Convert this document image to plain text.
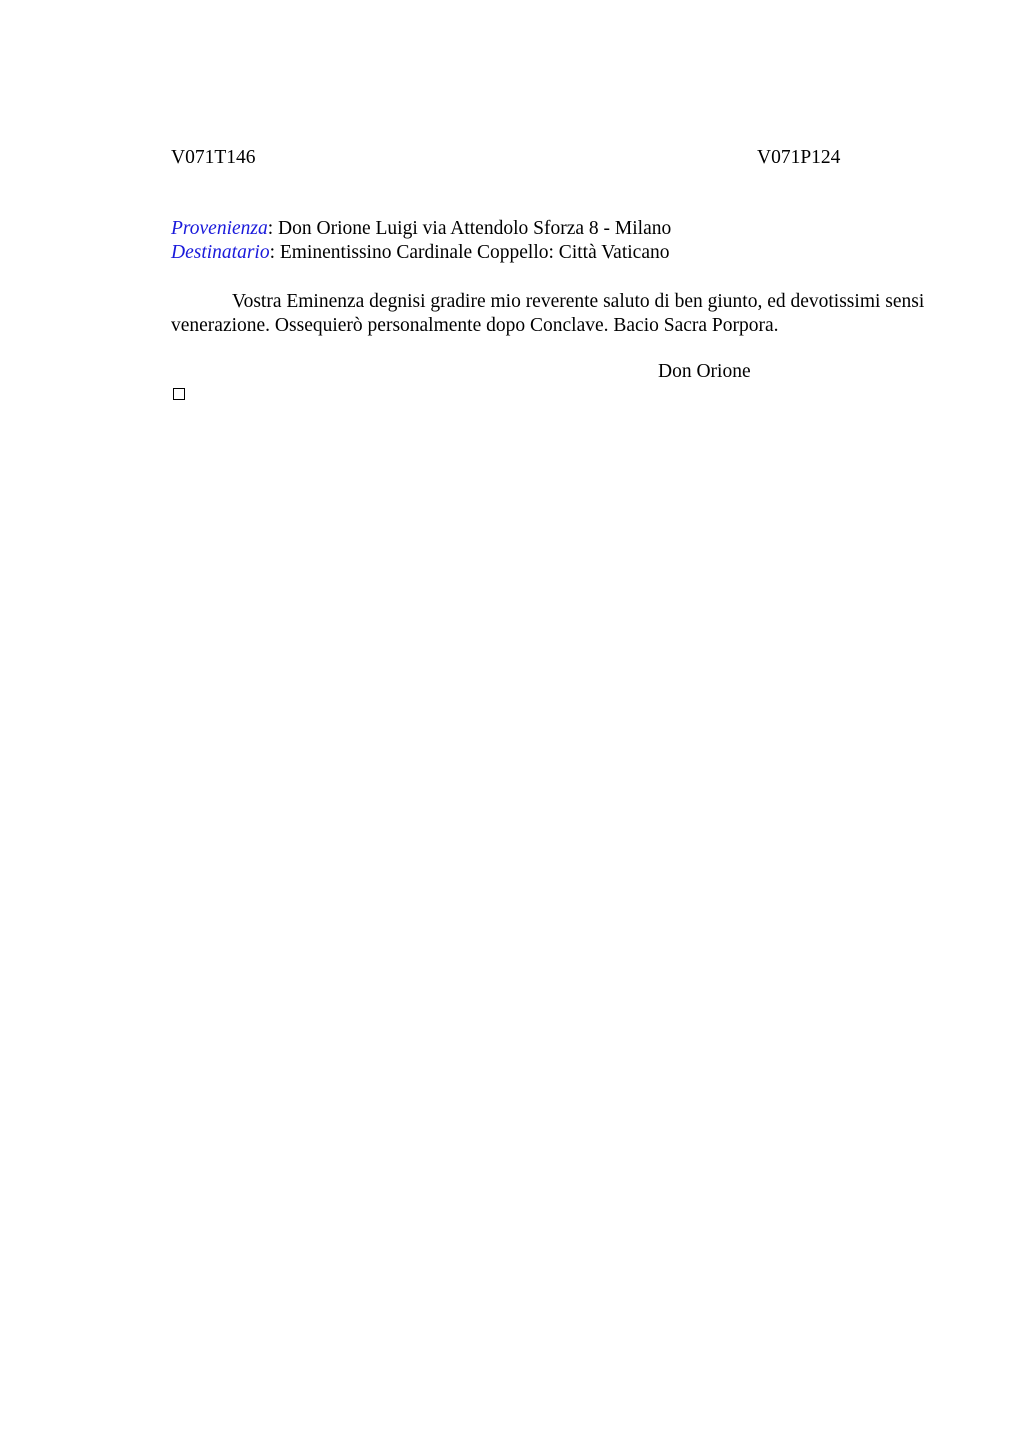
V071T146	V071P124
Provenienza: Don Orione Luigi via Attendolo Sforza 8 - Milano
Destinatario: Eminentissino Cardinale Coppello: Città Vaticano

Vostra Eminenza degnisi gradire mio reverente saluto di ben giunto, ed devotissimi sensi venerazione. Ossequierò personalmente dopo Conclave. Bacio Sacra Porpora.

Don Orione
